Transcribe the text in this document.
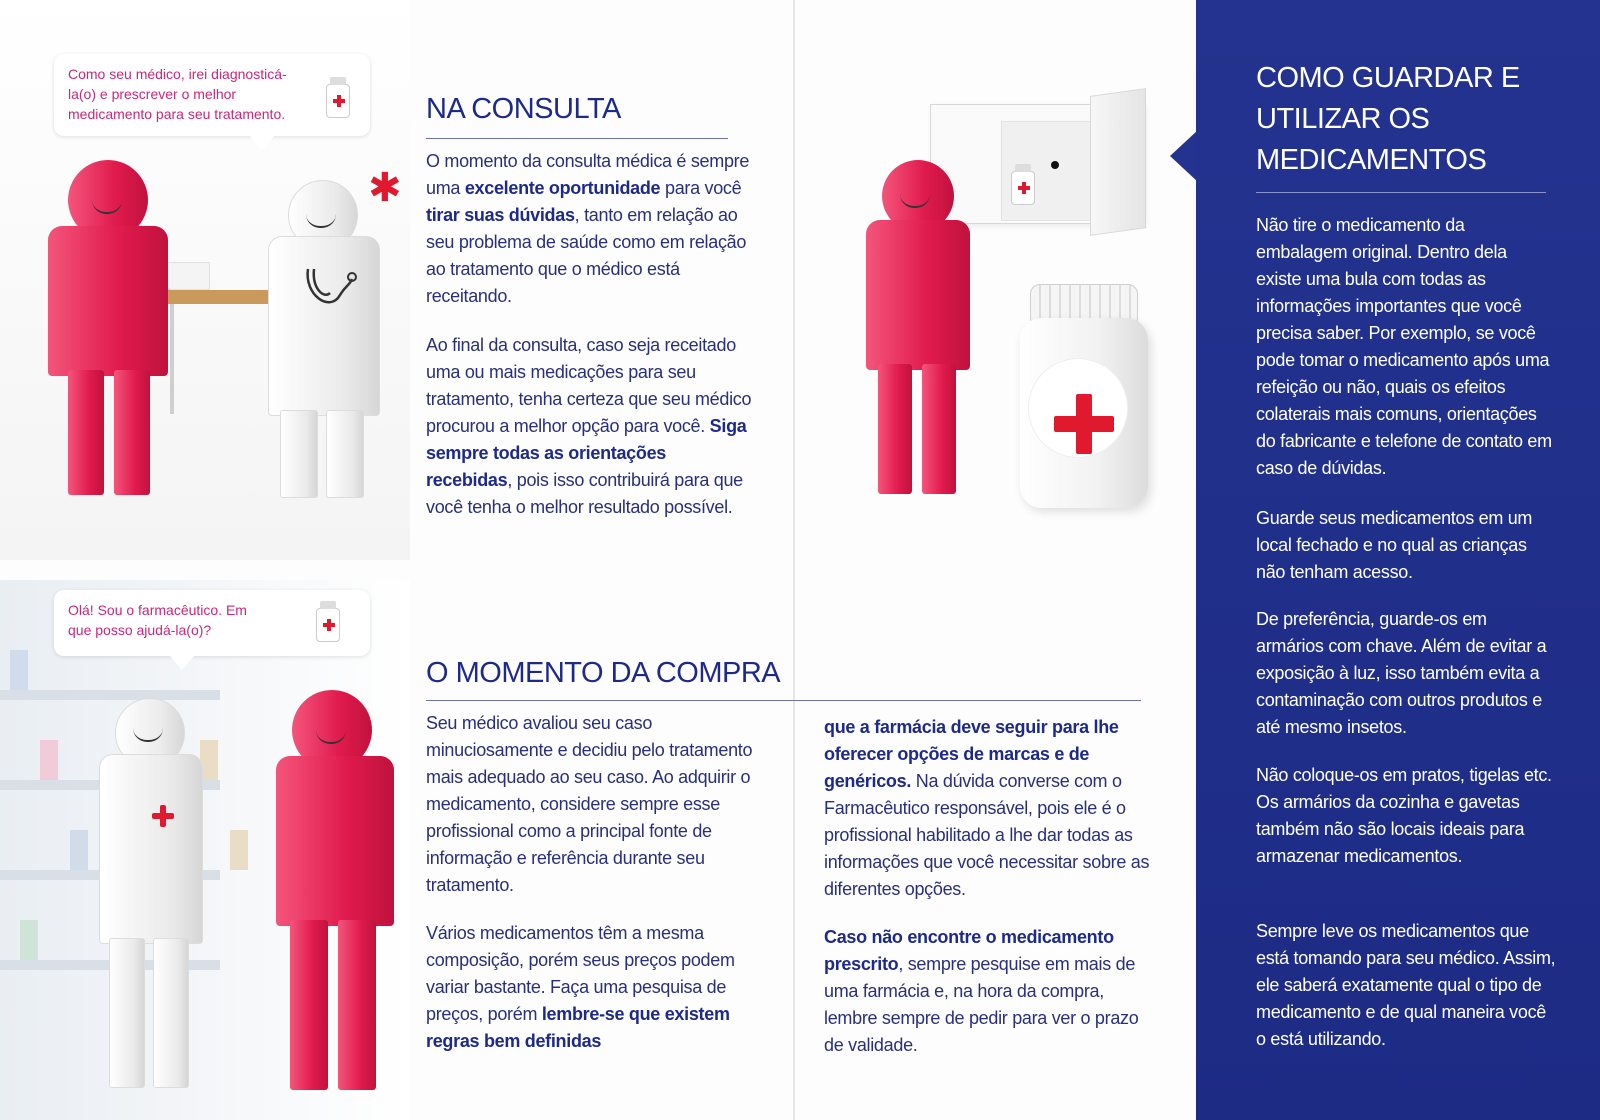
✱
Como seu médico, irei diagnosticá-la(o) e prescrever o melhor medicamento para seu tratamento.
Olá! Sou o farmacêutico. Em que posso ajudá-la(o)?
NA CONSULTA
O momento da consulta médica é sempre uma excelente oportunidade para você tirar suas dúvidas, tanto em relação ao seu problema de saúde como em relação ao tratamento que o médico está receitando.
Ao final da consulta, caso seja receitado uma ou mais medicações para seu tratamento, tenha certeza que seu médico procurou a melhor opção para você. Siga sempre todas as orientações recebidas, pois isso contribuirá para que você tenha o melhor resultado possível.
O MOMENTO DA COMPRA
Seu médico avaliou seu caso minuciosamente e decidiu pelo tratamento mais adequado ao seu caso. Ao adquirir o medicamento, considere sempre esse profissional como a principal fonte de informação e referência durante seu tratamento.
Vários medicamentos têm a mesma composição, porém seus preços podem variar bastante. Faça uma pesquisa de preços, porém lembre-se que existem regras bem definidas
que a farmácia deve seguir para lhe oferecer opções de marcas e de genéricos. Na dúvida converse com o Farmacêutico responsável, pois ele é o profissional habilitado a lhe dar todas as informações que você necessitar sobre as diferentes opções.
Caso não encontre o medicamento prescrito, sempre pesquise em mais de uma farmácia e, na hora da compra, lembre sempre de pedir para ver o prazo de validade.
COMO GUARDAR E UTILIZAR OS MEDICAMENTOS
Não tire o medicamento da embalagem original. Dentro dela existe uma bula com todas as informações importantes que você precisa saber. Por exemplo, se você pode tomar o medicamento após uma refeição ou não, quais os efeitos colaterais mais comuns, orientações do fabricante e telefone de contato em caso de dúvidas.
Guarde seus medicamentos em um local fechado e no qual as crianças não tenham acesso.
De preferência, guarde-os em armários com chave. Além de evitar a exposição à luz, isso também evita a contaminação com outros produtos e até mesmo insetos.
Não coloque-os em pratos, tigelas etc. Os armários da cozinha e gavetas também não são locais ideais para armazenar medicamentos.
Sempre leve os medicamentos que está tomando para seu médico. Assim, ele saberá exatamente qual o tipo de medicamento e de qual maneira você o está utilizando.
